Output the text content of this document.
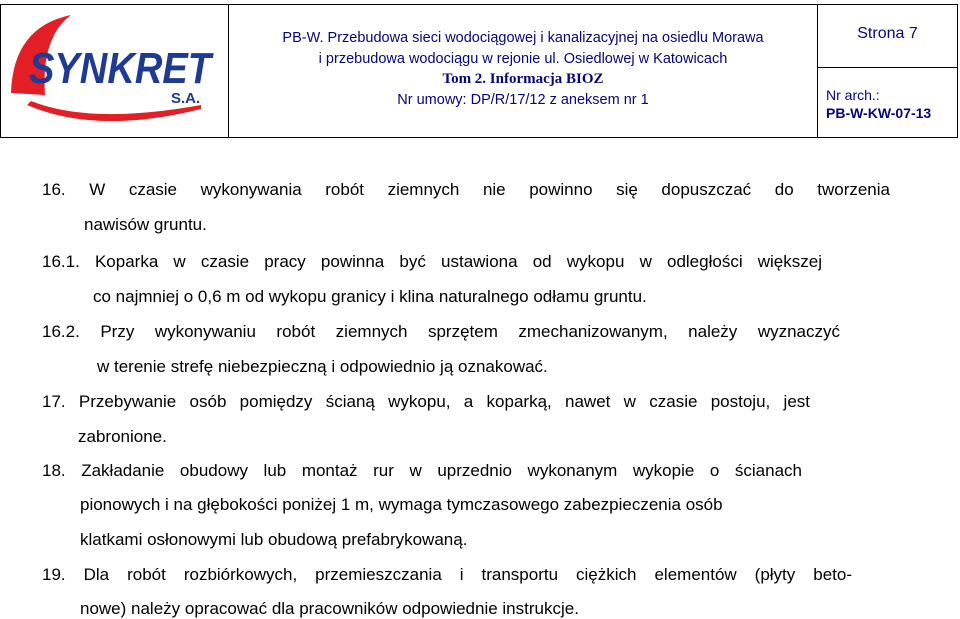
SYNKRET
S.A.
PB-W. Przebudowa sieci wodociągowej i kanalizacyjnej na osiedlu Morawa
i przebudowa wodociągu w rejonie ul. Osiedlowej w Katowicach
Tom 2. Informacja BIOZ
Nr umowy: DP/R/17/12 z aneksem nr 1
Strona 7
Nr arch.:
PB-W-KW-07-13
16. W czasie wykonywania robót ziemnych nie powinno się dopuszczać do tworzenia
nawisów gruntu.
16.1. Koparka w czasie pracy powinna być ustawiona od wykopu w odległości większej
co najmniej o 0,6 m od wykopu granicy i klina naturalnego odłamu gruntu.
16.2. Przy wykonywaniu robót ziemnych sprzętem zmechanizowanym, należy wyznaczyć
w terenie strefę niebezpieczną i odpowiednio ją oznakować.
17. Przebywanie osób pomiędzy ścianą wykopu, a koparką, nawet w czasie postoju, jest
zabronione.
18. Zakładanie obudowy lub montaż rur w uprzednio wykonanym wykopie o ścianach
pionowych i na głębokości poniżej 1 m, wymaga tymczasowego zabezpieczenia osób
klatkami osłonowymi lub obudową prefabrykowaną.
19. Dla robót rozbiórkowych, przemieszczania i transportu ciężkich elementów (płyty beto-
nowe) należy opracować dla pracowników odpowiednie instrukcje.
